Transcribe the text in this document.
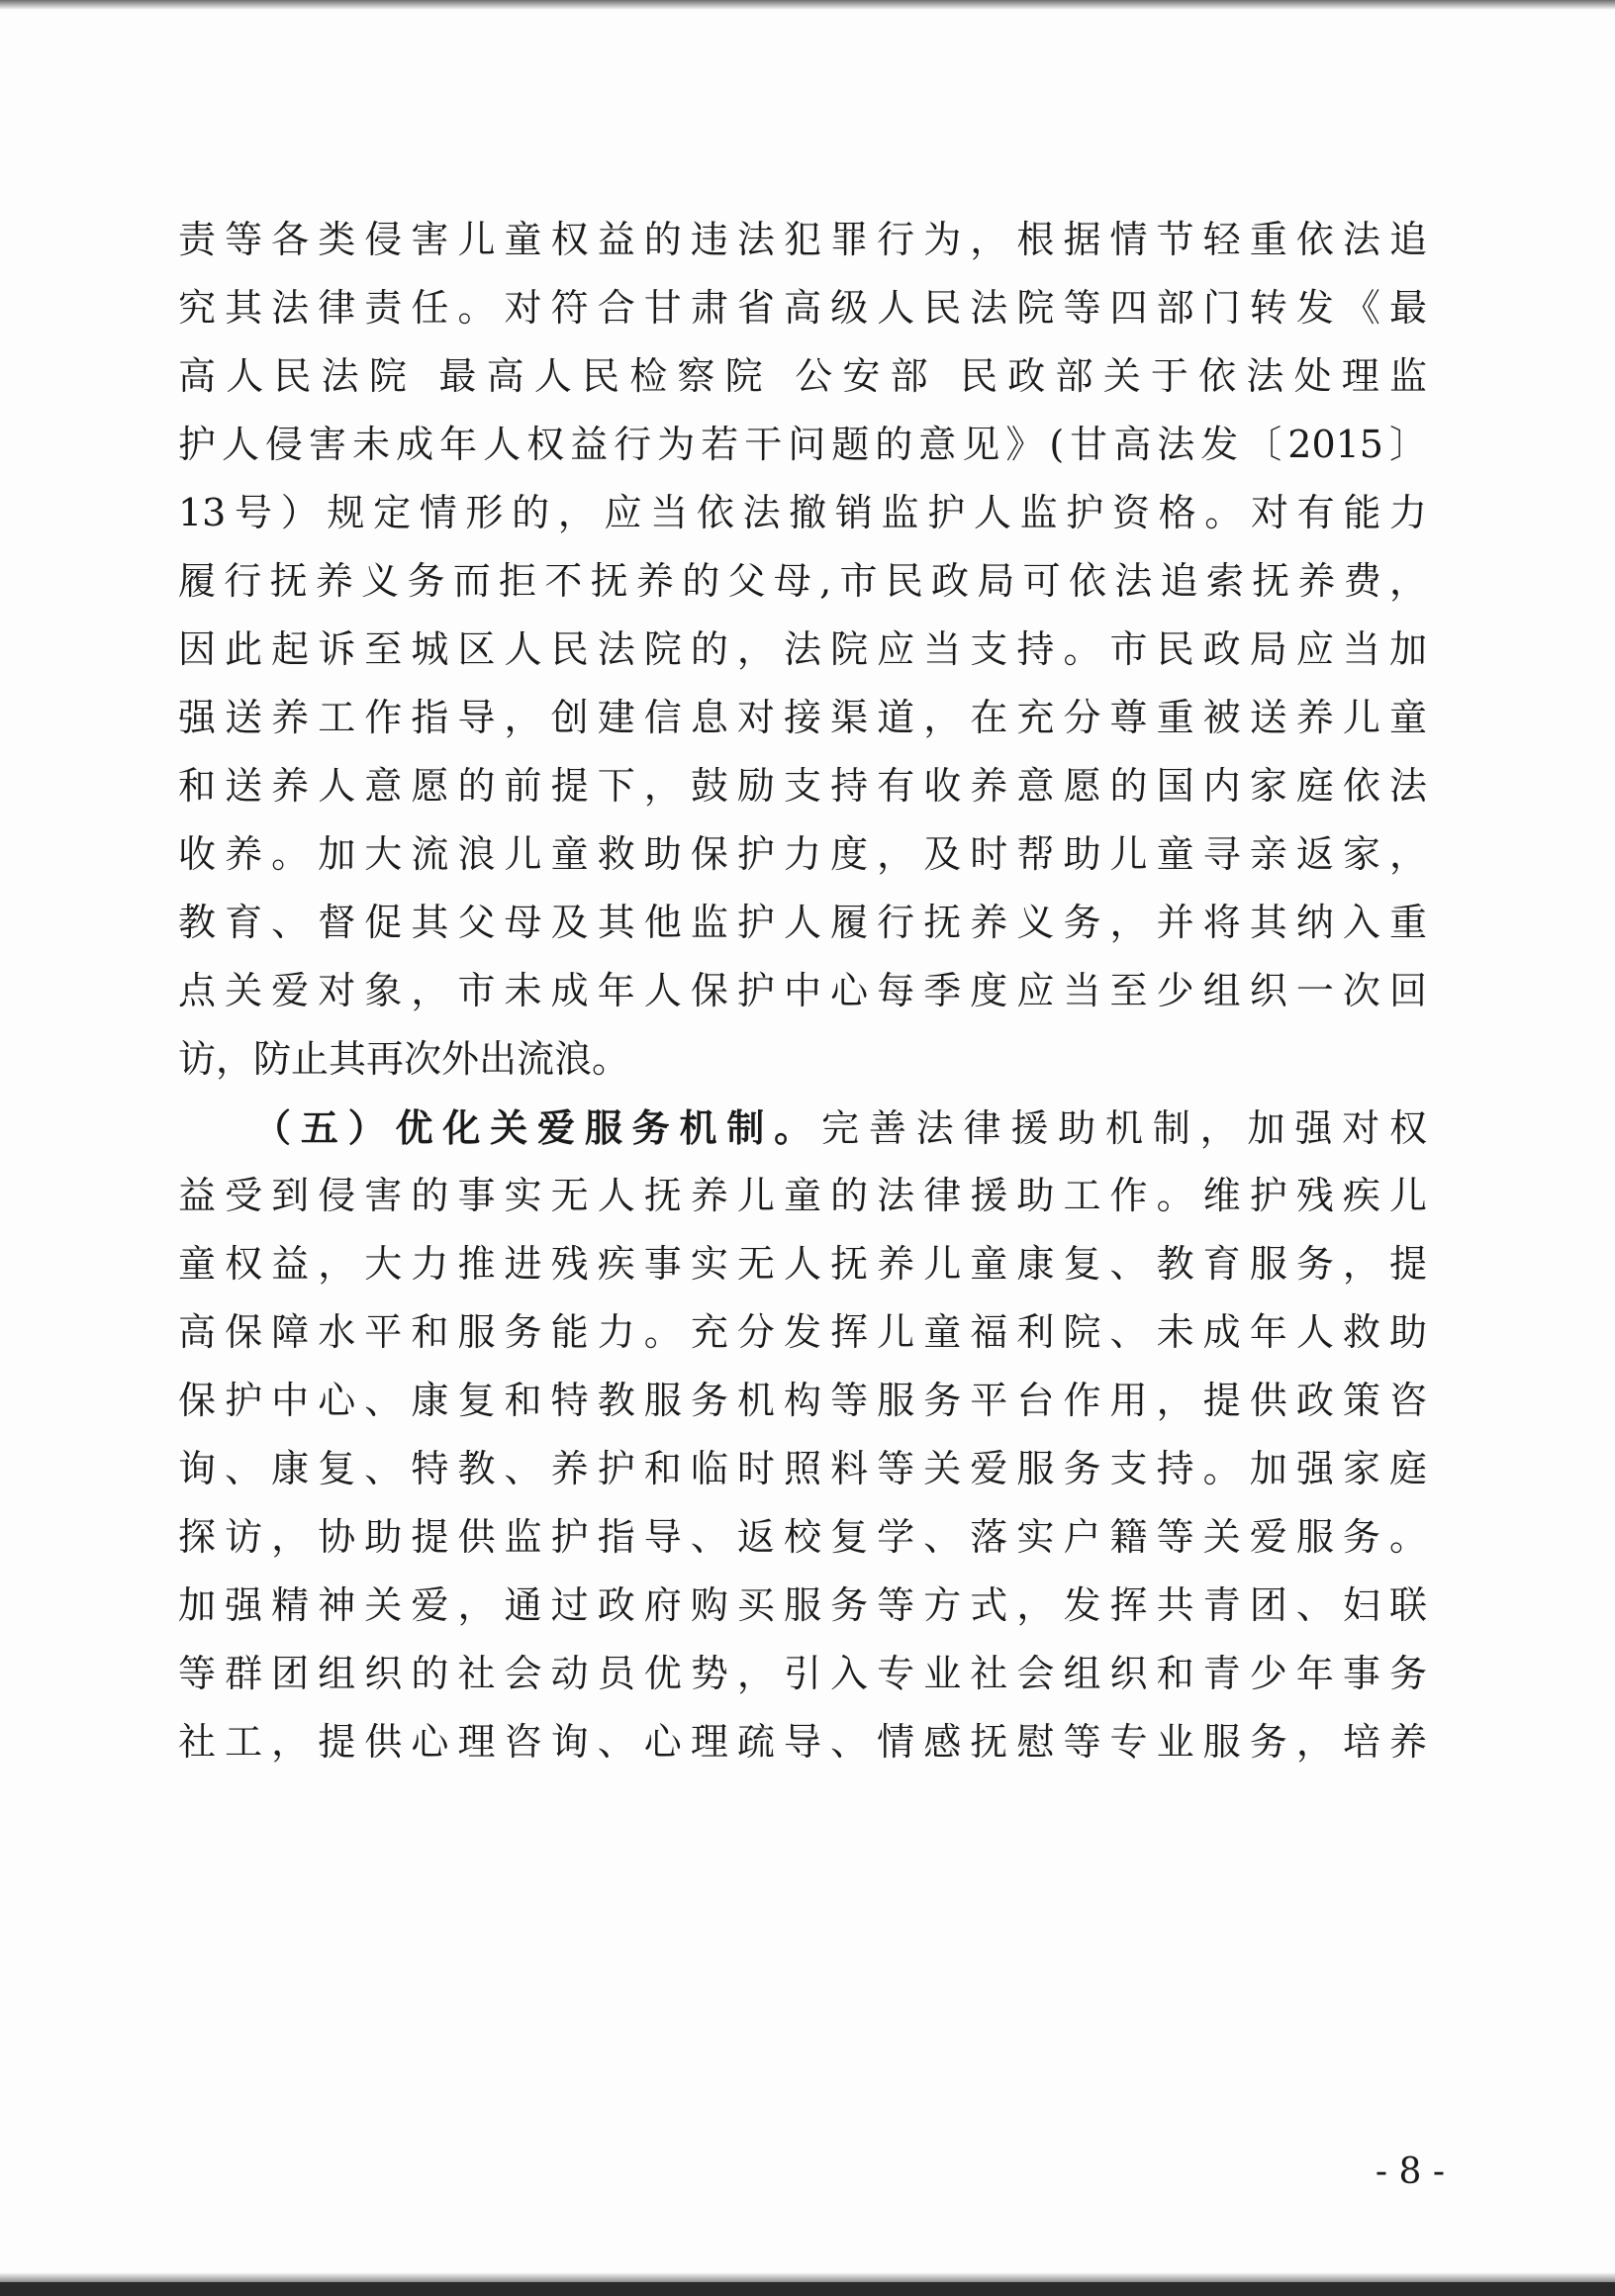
责等各类侵害儿童权益的违法犯罪行为，根据情节轻重依法追
究其法律责任。对符合甘肃省高级人民法院等四部门转发《最
高人民法院 最高人民检察院 公安部 民政部关于依法处理监
护人侵害未成年人权益行为若干问题的意见》(甘高法发〔2015〕
13号）规定情形的，应当依法撤销监护人监护资格。对有能力
履行抚养义务而拒不抚养的父母,市民政局可依法追索抚养费，
因此起诉至城区人民法院的，法院应当支持。市民政局应当加
强送养工作指导，创建信息对接渠道，在充分尊重被送养儿童
和送养人意愿的前提下，鼓励支持有收养意愿的国内家庭依法
收养。加大流浪儿童救助保护力度，及时帮助儿童寻亲返家，
教育、督促其父母及其他监护人履行抚养义务，并将其纳入重
点关爱对象，市未成年人保护中心每季度应当至少组织一次回
访，防止其再次外出流浪。
（五）优化关爱服务机制。完善法律援助机制，加强对权
益受到侵害的事实无人抚养儿童的法律援助工作。维护残疾儿
童权益，大力推进残疾事实无人抚养儿童康复、教育服务，提
高保障水平和服务能力。充分发挥儿童福利院、未成年人救助
保护中心、康复和特教服务机构等服务平台作用，提供政策咨
询、康复、特教、养护和临时照料等关爱服务支持。加强家庭
探访，协助提供监护指导、返校复学、落实户籍等关爱服务。
加强精神关爱，通过政府购买服务等方式，发挥共青团、妇联
等群团组织的社会动员优势，引入专业社会组织和青少年事务
社工，提供心理咨询、心理疏导、情感抚慰等专业服务，培养
- 8 -
